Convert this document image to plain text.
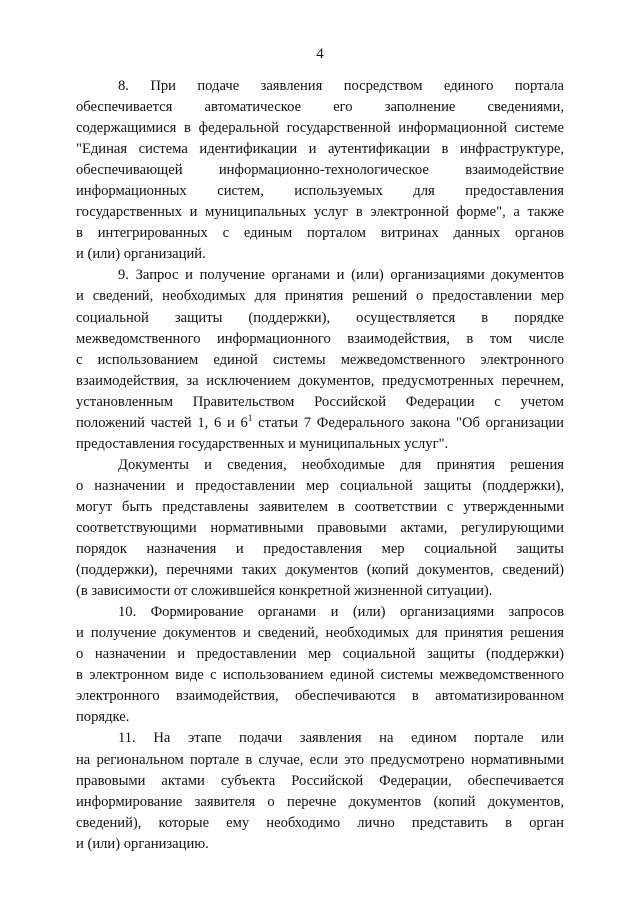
4
8. При подаче заявления посредством единого портала
обеспечивается автоматическое его заполнение сведениями,
содержащимися в федеральной государственной информационной системе
"Единая система идентификации и аутентификации в инфраструктуре,
обеспечивающей информационно-технологическое взаимодействие
информационных систем, используемых для предоставления
государственных и муниципальных услуг в электронной форме", а также
в интегрированных с единым порталом витринах данных органов
и (или) организаций.
9. Запрос и получение органами и (или) организациями документов
и сведений, необходимых для принятия решений о предоставлении мер
социальной защиты (поддержки), осуществляется в порядке
межведомственного информационного взаимодействия, в том числе
с использованием единой системы межведомственного электронного
взаимодействия, за исключением документов, предусмотренных перечнем,
установленным Правительством Российской Федерации с учетом
положений частей 1, 6 и $6^1$ статьи 7 Федерального закона "Об организации
предоставления государственных и муниципальных услуг".
Документы и сведения, необходимые для принятия решения
о назначении и предоставлении мер социальной защиты (поддержки),
могут быть представлены заявителем в соответствии с утвержденными
соответствующими нормативными правовыми актами, регулирующими
порядок назначения и предоставления мер социальной защиты
(поддержки), перечнями таких документов (копий документов, сведений)
(в зависимости от сложившейся конкретной жизненной ситуации).
10. Формирование органами и (или) организациями запросов
и получение документов и сведений, необходимых для принятия решения
о назначении и предоставлении мер социальной защиты (поддержки)
в электронном виде с использованием единой системы межведомственного
электронного взаимодействия, обеспечиваются в автоматизированном
порядке.
11. На этапе подачи заявления на едином портале или
на региональном портале в случае, если это предусмотрено нормативными
правовыми актами субъекта Российской Федерации, обеспечивается
информирование заявителя о перечне документов (копий документов,
сведений), которые ему необходимо лично представить в орган
и (или) организацию.
